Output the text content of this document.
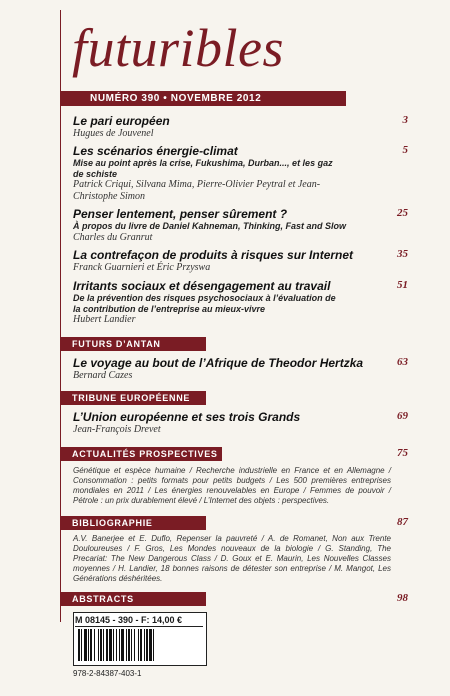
futuribles
NUMÉRO 390 • NOVEMBRE 2012
Le pari européen
Hugues de Jouvenel
3
Les scénarios énergie-climat
Mise au point après la crise, Fukushima, Durban..., et les gaz de schiste
Patrick Criqui, Silvana Mima, Pierre-Olivier Peytral et Jean-Christophe Simon
5
Penser lentement, penser sûrement ?
À propos du livre de Daniel Kahneman, Thinking, Fast and Slow
Charles du Granrut
25
La contrefaçon de produits à risques sur Internet
Franck Guarnieri et Éric Przyswa
35
Irritants sociaux et désengagement au travail
De la prévention des risques psychosociaux à l’évaluation de la contribution de l’entreprise au mieux-vivre
Hubert Landier
51
FUTURS D’ANTAN
Le voyage au bout de l’Afrique de Theodor Hertzka
Bernard Cazes
63
TRIBUNE EUROPÉENNE
L’Union européenne et ses trois Grands
Jean-François Drevet
69
ACTUALITÉS PROSPECTIVES	75
Génétique et espèce humaine / Recherche industrielle en France et en Allemagne / Consommation : petits formats pour petits budgets / Les 500 premières entreprises mondiales en 2011 / Les énergies renouvelables en Europe / Femmes de pouvoir / Pétrole : un prix durablement élevé / L’Internet des objets : perspectives.
BIBLIOGRAPHIE	87
A.V. Banerjee et E. Duflo, Repenser la pauvreté / A. de Romanet, Non aux Trente Douloureuses / F. Gros, Les Mondes nouveaux de la biologie / G. Standing, The Precariat: The New Dangerous Class / D. Goux et E. Maurin, Les Nouvelles Classes moyennes / H. Landier, 18 bonnes raisons de détester son entreprise / M. Mangot, Les Générations déshéritées.
ABSTRACTS	98
M 08145 - 390 - F: 14,00 €
978-2-84387-403-1
